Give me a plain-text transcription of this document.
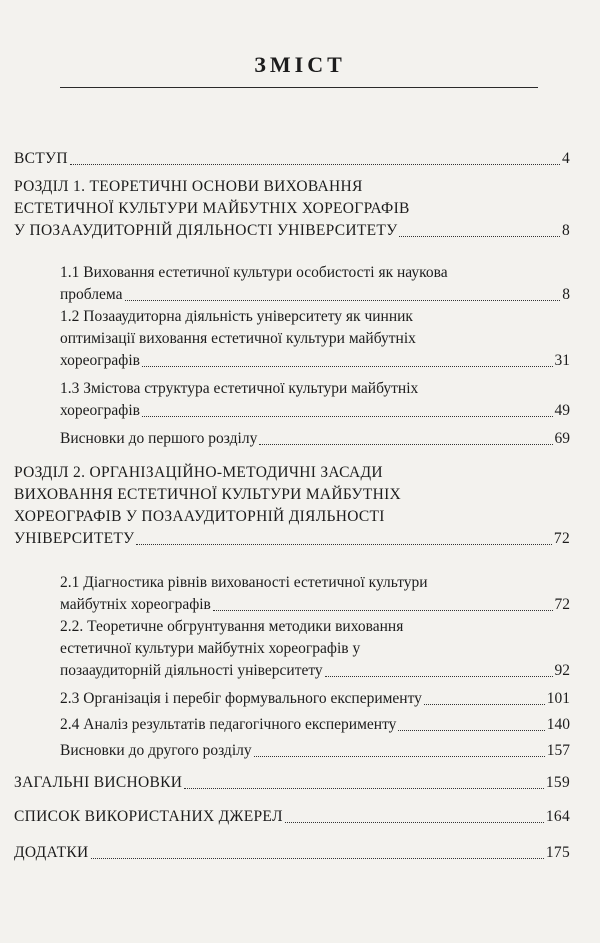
ЗМІСТ
ВСТУП	4
РОЗДІЛ 1. ТЕОРЕТИЧНІ ОСНОВИ ВИХОВАННЯ
ЕСТЕТИЧНОЇ КУЛЬТУРИ МАЙБУТНІХ ХОРЕОГРАФІВ
У ПОЗААУДИТОРНІЙ ДІЯЛЬНОСТІ УНІВЕРСИТЕТУ	8
1.1 Виховання естетичної культури особистості як наукова
проблема	8
1.2 Позааудиторна діяльність університету як чинник
оптимізації виховання естетичної культури майбутніх
хореографів	31
1.3 Змістова структура естетичної культури майбутніх
хореографів	49
Висновки до першого розділу	69
РОЗДІЛ 2. ОРГАНІЗАЦІЙНО-МЕТОДИЧНІ ЗАСАДИ
ВИХОВАННЯ ЕСТЕТИЧНОЇ КУЛЬТУРИ МАЙБУТНІХ
ХОРЕОГРАФІВ У ПОЗААУДИТОРНІЙ ДІЯЛЬНОСТІ
УНІВЕРСИТЕТУ	72
2.1 Діагностика рівнів вихованості естетичної культури
майбутніх хореографів	72
2.2. Теоретичне обгрунтування методики виховання
естетичної культури майбутніх хореографів у
позааудиторній діяльності університету	92
2.3 Організація і перебіг формувального експерименту	101
2.4 Аналіз результатів педагогічного експерименту	140
Висновки до другого розділу	157
ЗАГАЛЬНІ ВИСНОВКИ	159
СПИСОК ВИКОРИСТАНИХ ДЖЕРЕЛ	164
ДОДАТКИ	175
